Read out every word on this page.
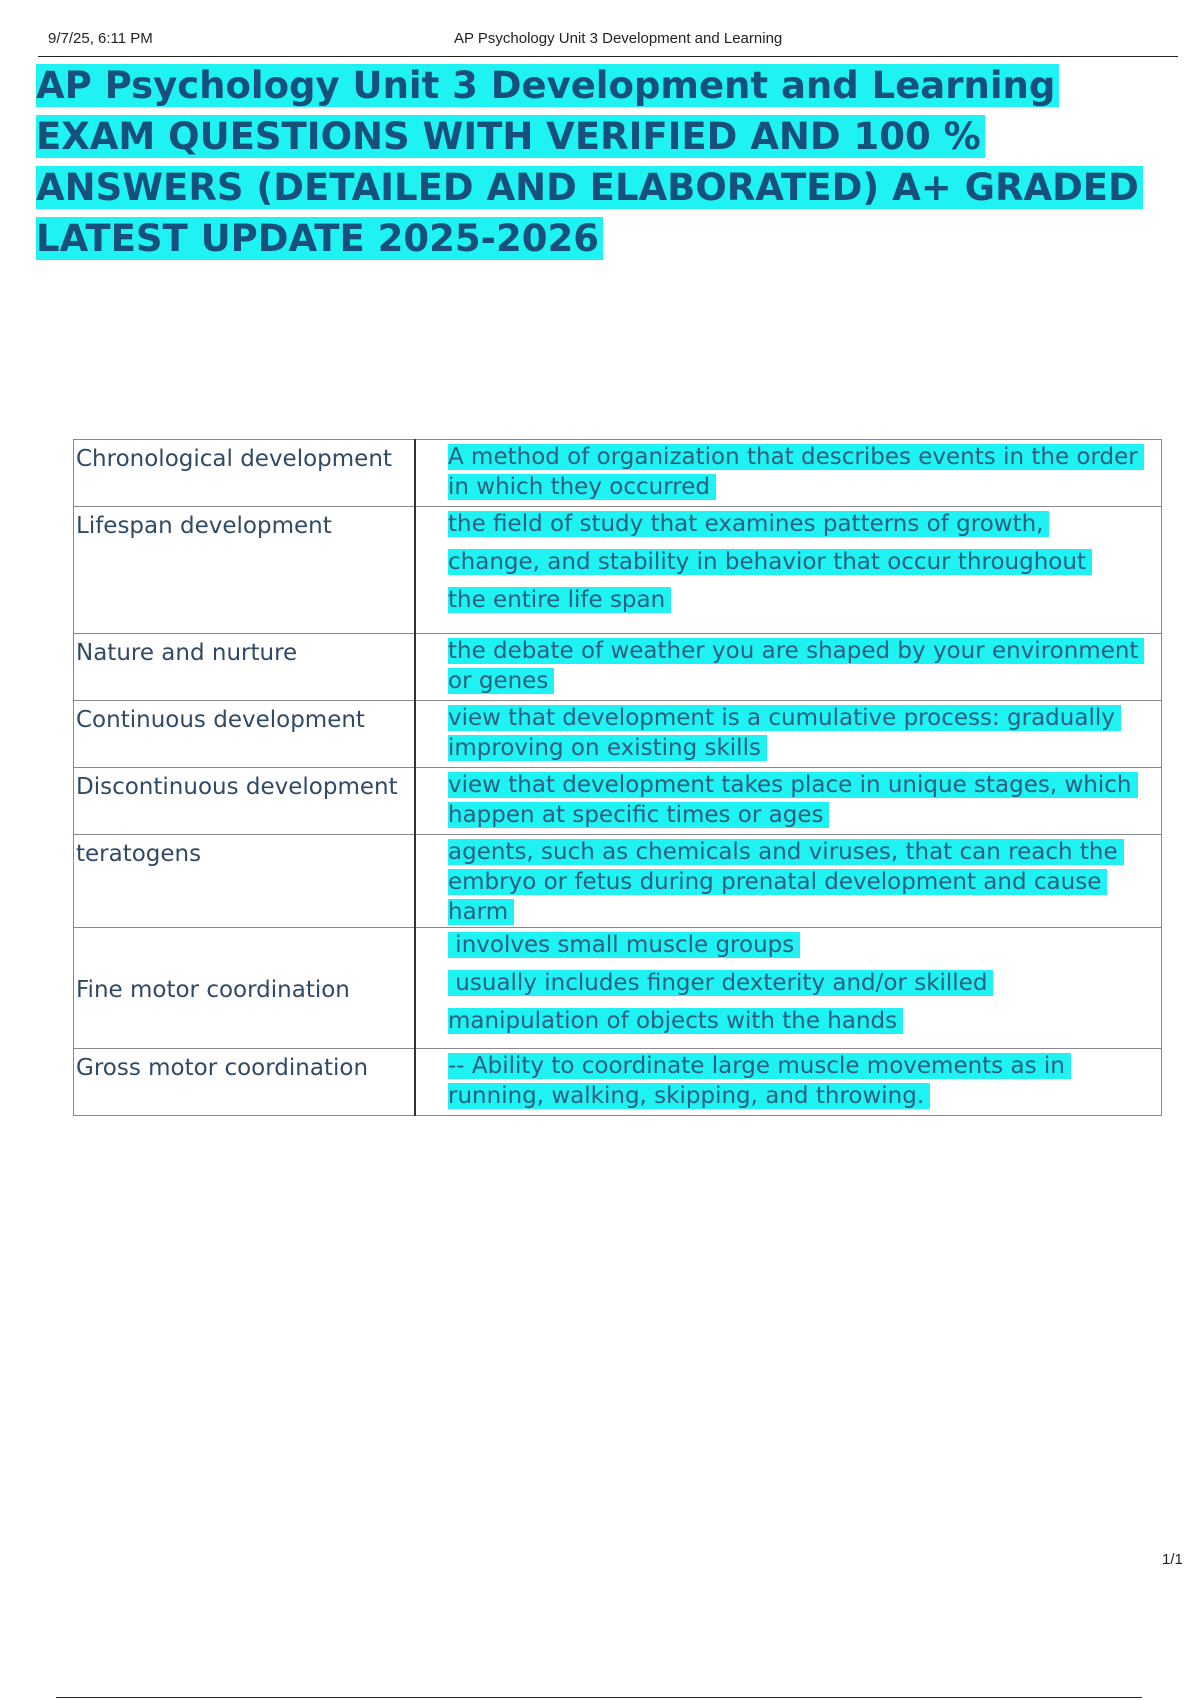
9/7/25, 6:11 PM	AP Psychology Unit 3 Development and Learning
AP Psychology Unit 3 Development and Learning EXAM QUESTIONS WITH VERIFIED AND 100 % ANSWERS (DETAILED AND ELABORATED) A+ GRADED LATEST UPDATE 2025-2026
Chronological development	A method of organization that describes events in the order in which they occurred
Lifespan development	the field of study that examines patterns of growth,
change, and stability in behavior that occur throughout
the entire life span

Nature and nurture	the debate of weather you are shaped by your environment or genes
Continuous development	view that development is a cumulative process: gradually improving on existing skills
Discontinuous development	view that development takes place in unique stages, which happen at specific times or ages
teratogens	agents, such as chemicals and viruses, that can reach the embryo or fetus during prenatal development and cause harm
Fine motor coordination	involves small muscle groups
usually includes finger dexterity and/or skilled
manipulation of objects with the hands

Gross motor coordination	-- Ability to coordinate large muscle movements as in running, walking, skipping, and throwing.
1/1
